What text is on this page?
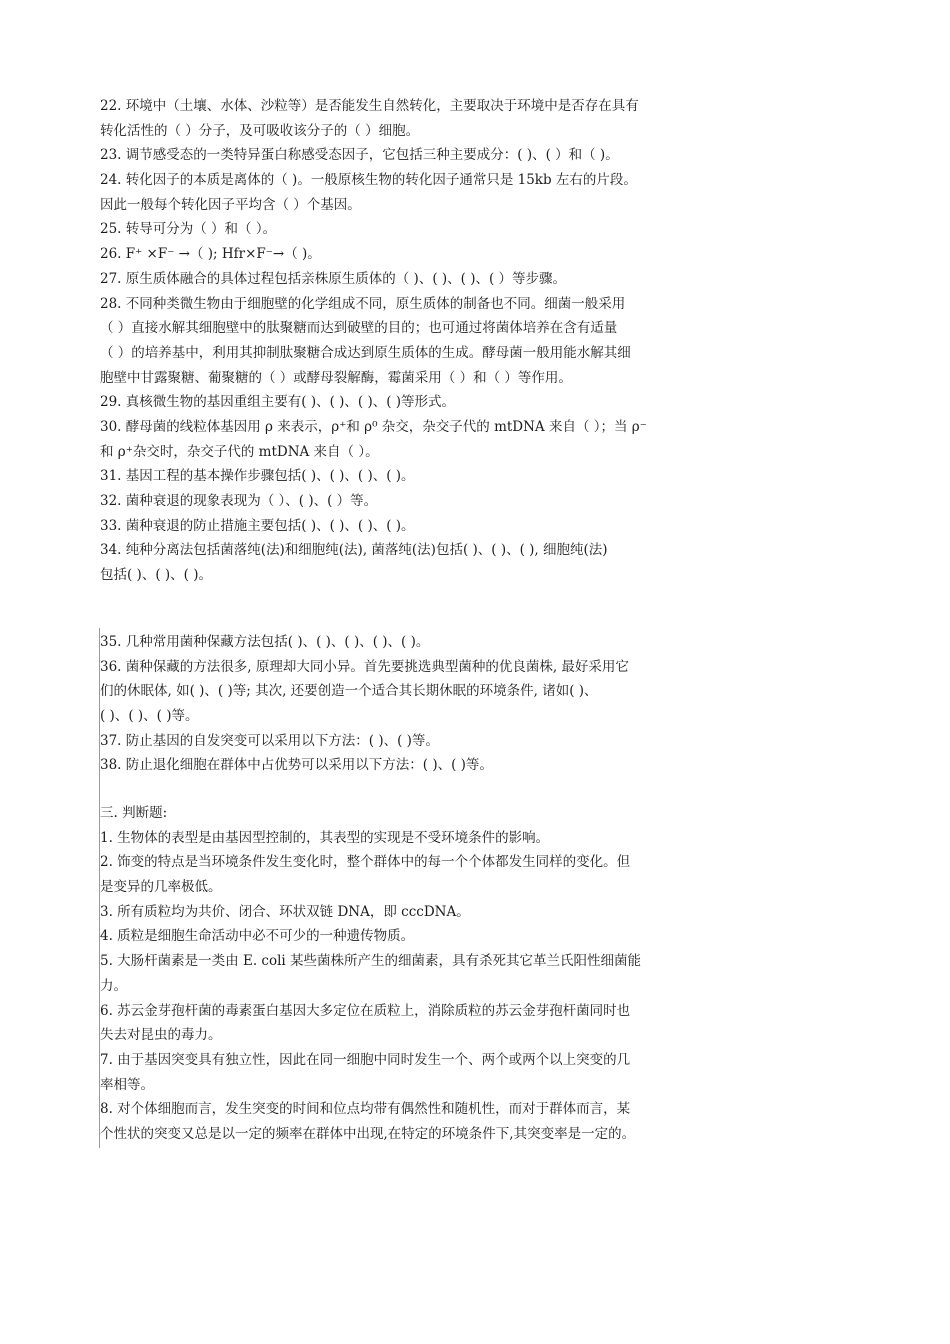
22. 环境中（土壤、水体、沙粒等）是否能发生自然转化，主要取决于环境中是否存在具有
转化活性的（ ）分子，及可吸收该分子的（ ）细胞。
23. 调节感受态的一类特异蛋白称感受态因子，它包括三种主要成分：( )、( ）和（ )。
24. 转化因子的本质是离体的（ )。一般原核生物的转化因子通常只是 15kb 左右的片段。
因此一般每个转化因子平均含（ ）个基因。
25. 转导可分为（ ）和（ ）。
26. F⁺ ×F⁻ →（ ); Hfr×F⁻→（ )。
27. 原生质体融合的具体过程包括亲株原生质体的（ )、( )、( )、( ）等步骤。
28. 不同种类微生物由于细胞壁的化学组成不同，原生质体的制备也不同。细菌一般采用
（ ）直接水解其细胞壁中的肽聚糖而达到破壁的目的；也可通过将菌体培养在含有适量
（ ）的培养基中，利用其抑制肽聚糖合成达到原生质体的生成。酵母菌一般用能水解其细
胞壁中甘露聚糖、葡聚糖的（ ）或酵母裂解酶，霉菌采用（ ）和（ ）等作用。
29. 真核微生物的基因重组主要有( )、( )、( )、( )等形式。
30. 酵母菌的线粒体基因用 ρ 来表示，ρ⁺和 ρ⁰ 杂交，杂交子代的 mtDNA 来自（ ）；当 ρ⁻
和 ρ⁺杂交时，杂交子代的 mtDNA 来自（ ）。
31. 基因工程的基本操作步骤包括( )、( )、( )、( )。
32. 菌种衰退的现象表现为（ ）、( )、( ）等。
33. 菌种衰退的防止措施主要包括( )、( )、( )、( )。
34. 纯种分离法包括菌落纯(法)和细胞纯(法), 菌落纯(法)包括( )、( )、( ), 细胞纯(法)
包括( )、( )、( )。
35. 几种常用菌种保藏方法包括( )、( )、( )、( )、( )。
36. 菌种保藏的方法很多, 原理却大同小异。首先要挑选典型菌种的优良菌株, 最好采用它
们的休眠体, 如( )、( )等; 其次, 还要创造一个适合其长期休眠的环境条件, 诸如( )、
( )、( )、( )等。
37. 防止基因的自发突变可以采用以下方法：( )、( )等。
38. 防止退化细胞在群体中占优势可以采用以下方法：( )、( )等。
三. 判断题:
1. 生物体的表型是由基因型控制的，其表型的实现是不受环境条件的影响。
2. 饰变的特点是当环境条件发生变化时，整个群体中的每一个个体都发生同样的变化。但
是变异的几率极低。
3. 所有质粒均为共价、闭合、环状双链 DNA，即 cccDNA。
4. 质粒是细胞生命活动中必不可少的一种遗传物质。
5. 大肠杆菌素是一类由 E. coli 某些菌株所产生的细菌素，具有杀死其它革兰氏阳性细菌能
力。
6. 苏云金芽孢杆菌的毒素蛋白基因大多定位在质粒上，消除质粒的苏云金芽孢杆菌同时也
失去对昆虫的毒力。
7. 由于基因突变具有独立性，因此在同一细胞中同时发生一个、两个或两个以上突变的几
率相等。
8. 对个体细胞而言，发生突变的时间和位点均带有偶然性和随机性，而对于群体而言，某
个性状的突变又总是以一定的频率在群体中出现,在特定的环境条件下,其突变率是一定的。
